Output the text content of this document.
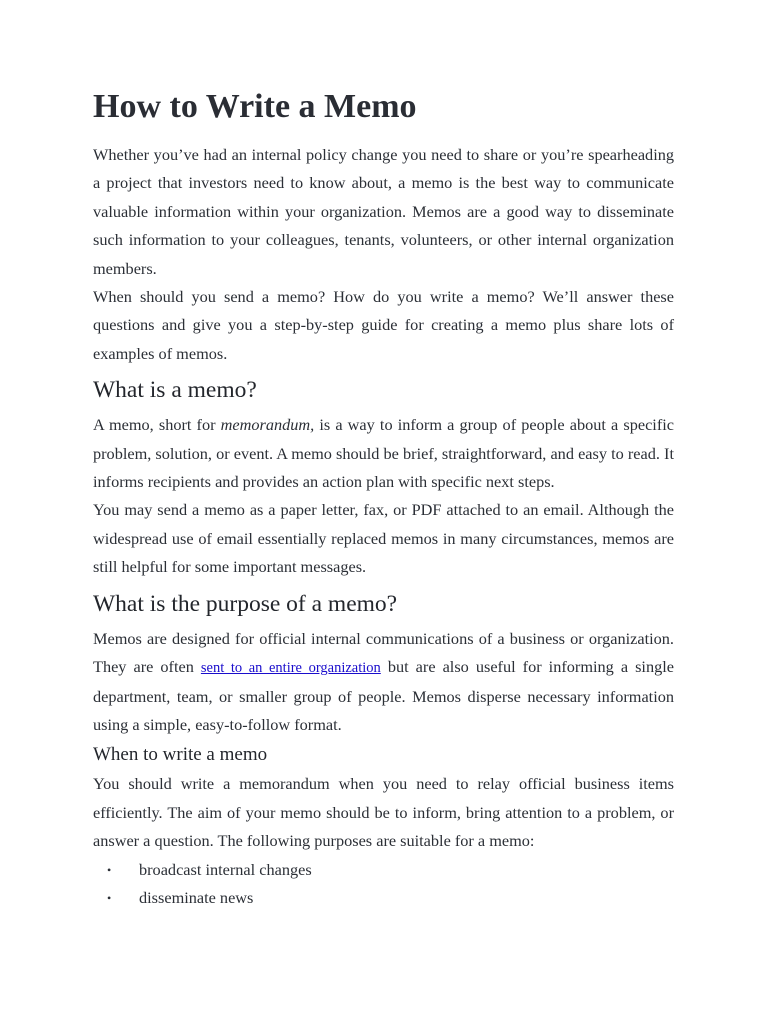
How to Write a Memo

Whether you’ve had an internal policy change you need to share or you’re spearheading a project that investors need to know about, a memo is the best way to communicate valuable information within your organization. Memos are a good way to disseminate such information to your colleagues, tenants, volunteers, or other internal organization members.

When should you send a memo? How do you write a memo? We’ll answer these questions and give you a step-by-step guide for creating a memo plus share lots of examples of memos.

What is a memo?

A memo, short for memorandum, is a way to inform a group of people about a specific problem, solution, or event. A memo should be brief, straightforward, and easy to read. It informs recipients and provides an action plan with specific next steps.

You may send a memo as a paper letter, fax, or PDF attached to an email. Although the widespread use of email essentially replaced memos in many circumstances, memos are still helpful for some important messages.

What is the purpose of a memo?

Memos are designed for official internal communications of a business or organization. They are often sent to an entire organization but are also useful for informing a single department, team, or smaller group of people. Memos disperse necessary information using a simple, easy-to-follow format.

When to write a memo

You should write a memorandum when you need to relay official business items efficiently. The aim of your memo should be to inform, bring attention to a problem, or answer a question. The following purposes are suitable for a memo:

• broadcast internal changes
• disseminate news
